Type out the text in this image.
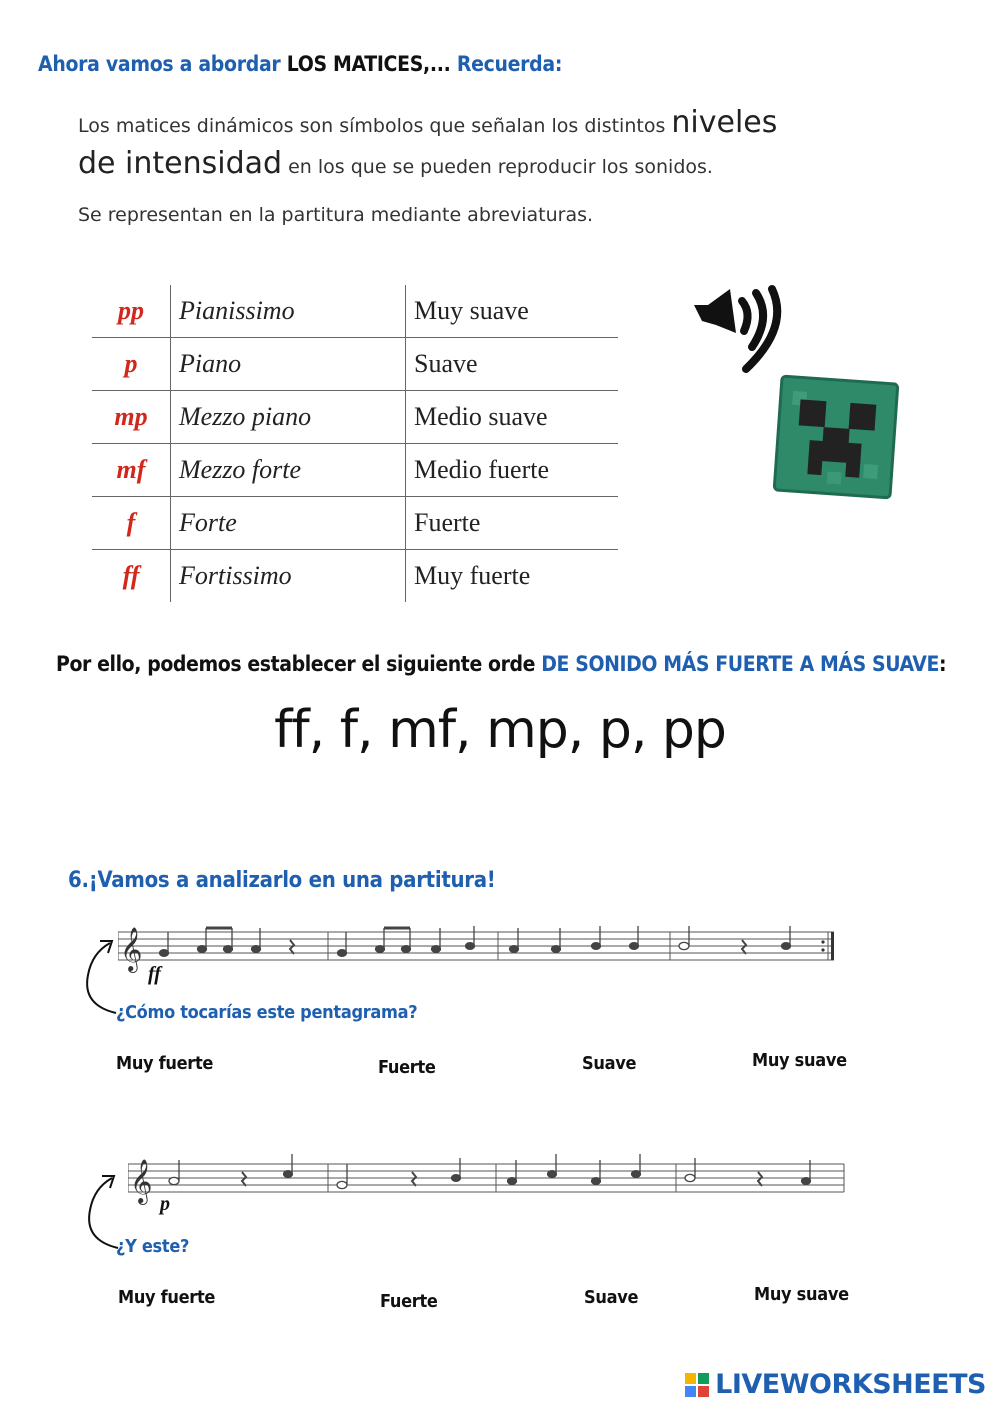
Ahora vamos a abordar LOS MATICES,... Recuerda:
Los matices dinámicos son símbolos que señalan los distintos niveles
de intensidad en los que se pueden reproducir los sonidos.
Se representan en la partitura mediante abreviaturas.
pp	Pianissimo	Muy suave
p	Piano	Suave
mp	Mezzo piano	Medio suave
mf	Mezzo forte	Medio fuerte
f	Forte	Fuerte
ff	Fortissimo	Muy fuerte
Por ello, podemos establecer el siguiente orde DE SONIDO MÁS FUERTE A MÁS SUAVE:
ff, f, mf, mp, p, pp
6.¡Vamos a analizarlo en una partitura!
𝄞
ff
¿Cómo tocarías este pentagrama?
Muy fuerte	Fuerte	Suave	Muy suave
𝄞
p
¿Y este?
Muy fuerte	Fuerte	Suave	Muy suave
LIVEWORKSHEETS
